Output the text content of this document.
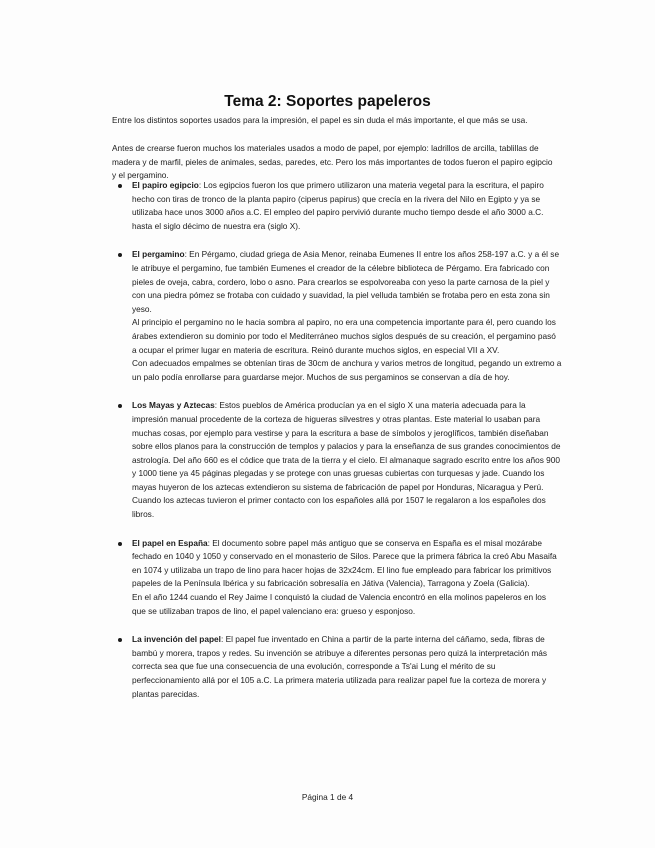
Tema 2: Soportes papeleros

Entre los distintos soportes usados para la impresión, el papel es sin duda el más importante, el que más se usa.

Antes de crearse fueron muchos los materiales usados a modo de papel, por ejemplo: ladrillos de arcilla, tablillas de madera y de marfil, pieles de animales, sedas, paredes, etc. Pero los más importantes de todos fueron el papiro egipcio y el pergamino.

El papiro egipcio: Los egipcios fueron los que primero utilizaron una materia vegetal para la escritura, el papiro hecho con tiras de tronco de la planta papiro (ciperus papirus) que crecía en la rivera del Nilo en Egipto y ya se utilizaba hace unos 3000 años a.C. El empleo del papiro pervivió durante mucho tiempo desde el año 3000 a.C. hasta el siglo décimo de nuestra era (siglo X).

El pergamino: En Pérgamo, ciudad griega de Asia Menor, reinaba Eumenes II entre los años 258-197 a.C. y a él se le atribuye el pergamino, fue también Eumenes el creador de la célebre biblioteca de Pérgamo. Era fabricado con pieles de oveja, cabra, cordero, lobo o asno. Para crearlos se espolvoreaba con yeso la parte carnosa de la piel y con una piedra pómez se frotaba con cuidado y suavidad, la piel velluda también se frotaba pero en esta zona sin yeso.

Al principio el pergamino no le hacia sombra al papiro, no era una competencia importante para él, pero cuando los árabes extendieron su dominio por todo el Mediterráneo muchos siglos después de su creación, el pergamino pasó a ocupar el primer lugar en materia de escritura. Reinó durante muchos siglos, en especial VII a XV.

Con adecuados empalmes se obtenían tiras de 30cm de anchura y varios metros de longitud, pegando un extremo a un palo podía enrollarse para guardarse mejor. Muchos de sus pergaminos se conservan a día de hoy.

Los Mayas y Aztecas: Estos pueblos de América producían ya en el siglo X una materia adecuada para la impresión manual procedente de la corteza de higueras silvestres y otras plantas. Este material lo usaban para muchas cosas, por ejemplo para vestirse y para la escritura a base de símbolos y jeroglíficos, también diseñaban sobre ellos planos para la construcción de templos y palacios y para la enseñanza de sus grandes conocimientos de astrología. Del año 660 es el códice que trata de la tierra y el cielo. El almanaque sagrado escrito entre los años 900 y 1000 tiene ya 45 páginas plegadas y se protege con unas gruesas cubiertas con turquesas y jade. Cuando los mayas huyeron de los aztecas extendieron su sistema de fabricación de papel por Honduras, Nicaragua y Perú. Cuando los aztecas tuvieron el primer contacto con los españoles allá por 1507 le regalaron a los españoles dos libros.

El papel en España: El documento sobre papel más antiguo que se conserva en España es el misal mozárabe fechado en 1040 y 1050 y conservado en el monasterio de Silos. Parece que la primera fábrica la creó Abu Masaifa en 1074 y utilizaba un trapo de lino para hacer hojas de 32x24cm. El lino fue empleado para fabricar los primitivos papeles de la Península Ibérica y su fabricación sobresalía en Játiva (Valencia), Tarragona y Zoela (Galicia).

En el año 1244 cuando el Rey Jaime I conquistó la ciudad de Valencia encontró en ella molinos papeleros en los que se utilizaban trapos de lino, el papel valenciano era: grueso y esponjoso.

La invención del papel: El papel fue inventado en China a partir de la parte interna del cáñamo, seda, fibras de bambú y morera, trapos y redes. Su invención se atribuye a diferentes personas pero quizá la interpretación más correcta sea que fue una consecuencia de una evolución, corresponde a Ts'ai Lung el mérito de su perfeccionamiento allá por el 105 a.C. La primera materia utilizada para realizar papel fue la corteza de morera y plantas parecidas.

Página 1 de 4
